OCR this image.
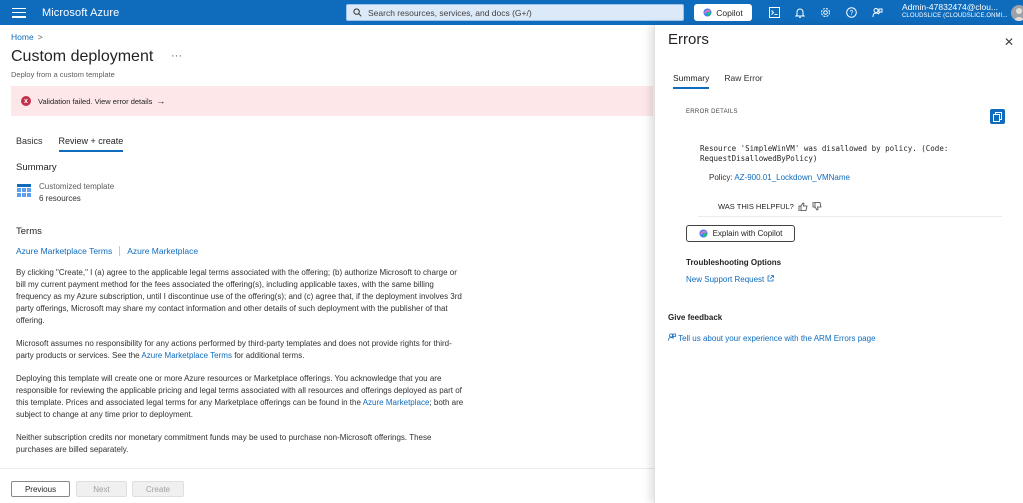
Microsoft Azure	Search resources, services, and docs (G+/)	Copilot	?
Admin-47832474@clou...
CLOUDSLICE (CLOUDSLICE.ONMI...
Home >
Custom deployment ···
Deploy from a custom template
x	Validation failed. View error details →
Basics Review + create
Summary
Customized template
6 resources
Terms
Azure Marketplace Terms Azure Marketplace
By clicking "Create," I (a) agree to the applicable legal terms associated with the offering; (b) authorize Microsoft to charge or bill my current payment method for the fees associated the offering(s), including applicable taxes, with the same billing frequency as my Azure subscription, until I discontinue use of the offering(s); and (c) agree that, if the deployment involves 3rd party offerings, Microsoft may share my contact information and other details of such deployment with the publisher of that offering.
Microsoft assumes no responsibility for any actions performed by third-party templates and does not provide rights for third-party products or services. See the Azure Marketplace Terms for additional terms.
Deploying this template will create one or more Azure resources or Marketplace offerings. You acknowledge that you are responsible for reviewing the applicable pricing and legal terms associated with all resources and offerings deployed as part of this template. Prices and associated legal terms for any Marketplace offerings can be found in the Azure Marketplace; both are subject to change at any time prior to deployment.
Neither subscription credits nor monetary commitment funds may be used to purchase non-Microsoft offerings. These purchases are billed separately.
Previous	Next	Create
Errors	✕
Summary Raw Error
ERROR DETAILS
Resource 'SimpleWinVM' was disallowed by policy. (Code: RequestDisallowedByPolicy)
Policy: AZ-900.01_Lockdown_VMName
WAS THIS HELPFUL?
Explain with Copilot
Troubleshooting Options
New Support Request
Give feedback
Tell us about your experience with the ARM Errors page
